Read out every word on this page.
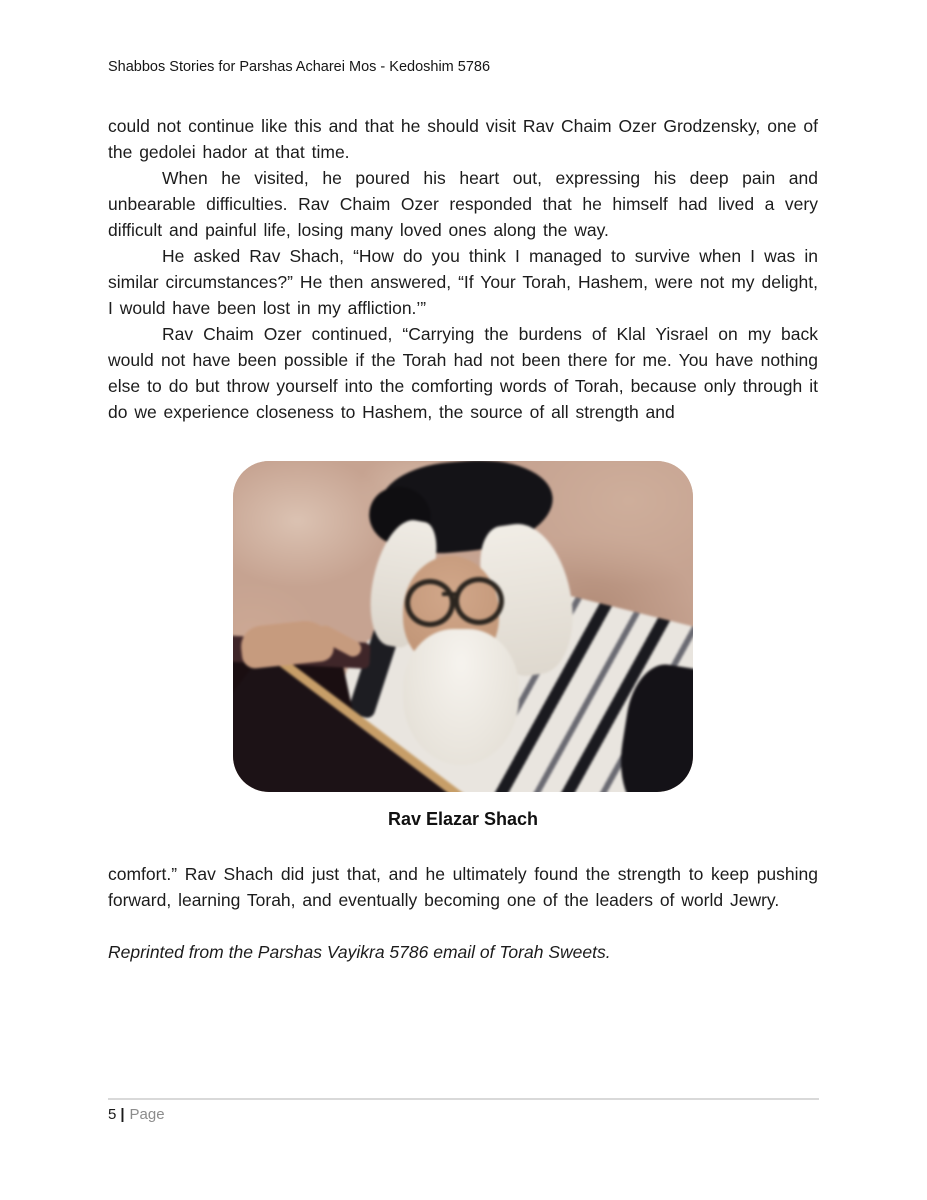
Shabbos Stories for Parshas Acharei Mos - Kedoshim 5786

could not continue like this and that he should visit Rav Chaim Ozer Grodzensky, one of the gedolei hador at that time.

When he visited, he poured his heart out, expressing his deep pain and unbearable difficulties. Rav Chaim Ozer responded that he himself had lived a very difficult and painful life, losing many loved ones along the way.

He asked Rav Shach, “How do you think I managed to survive when I was in similar circumstances?” He then answered, “If Your Torah, Hashem, were not my delight, I would have been lost in my affliction.’”

Rav Chaim Ozer continued, “Carrying the burdens of Klal Yisrael on my back would not have been possible if the Torah had not been there for me. You have nothing else to do but throw yourself into the comforting words of Torah, because only through it do we experience closeness to Hashem, the source of all strength and

Rav Elazar Shach

comfort.” Rav Shach did just that, and he ultimately found the strength to keep pushing forward, learning Torah, and eventually becoming one of the leaders of world Jewry.

Reprinted from the Parshas Vayikra 5786 email of Torah Sweets.

5 | Page
